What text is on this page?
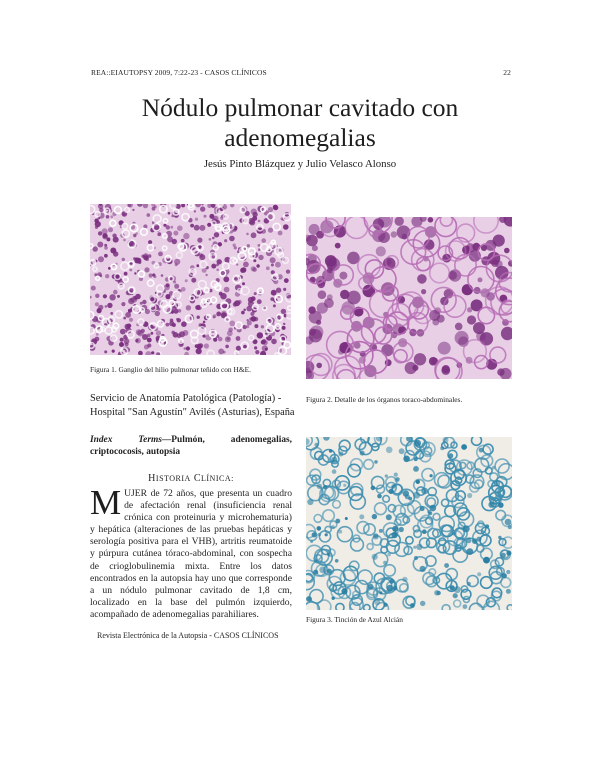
REA::EIAUTOPSY 2009, 7:22-23 - CASOS CLÍNICOS	22
Nódulo pulmonar cavitado con
adenomegalias
Jesús Pinto Blázquez y Julio Velasco Alonso
Figura 1. Ganglio del hilio pulmonar teñido con H&E.
Figura 2. Detalle de los órganos toraco-abdominales.
Figura 3. Tinción de Azul Alcián
Servicio de Anatomía Patológica (Patología) -
Hospital "San Agustín" Avilés (Asturias), España
Index Terms—Pulmón, adenomegalias, criptococosis, autopsia
HISTORIA CLÍNICA:
MUJER de 72 años, que presenta un cuadro de afectación renal (insuficiencia renal crónica con proteinuria y microhematuria) y hepática (alteraciones de las pruebas hepáticas y serología positiva para el VHB), artritis reumatoide y púrpura cutánea tóraco-abdominal, con sospecha de crioglobulinemia mixta. Entre los datos encontrados en la autopsia hay uno que corresponde a un nódulo pulmonar cavitado de 1,8 cm, localizado en la base del pulmón izquierdo, acompañado de adenomegalias parahiliares.
Revista Electrónica de la Autopsia - CASOS CLÍNICOS
